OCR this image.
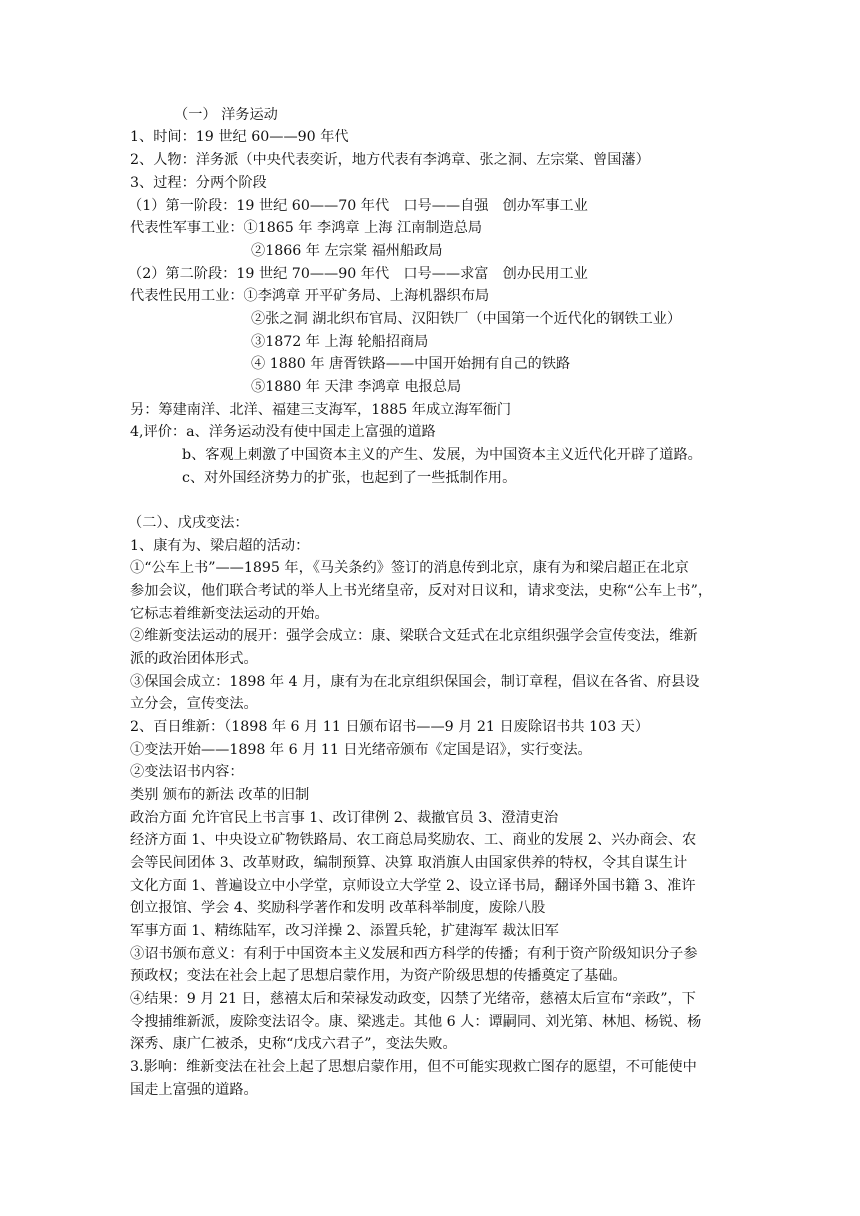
（一） 洋务运动
1、时间：19 世纪 60——90 年代
2、人物：洋务派（中央代表奕䜣，地方代表有李鸿章、张之洞、左宗棠、曾国藩）
3、过程：分两个阶段
（1）第一阶段：19 世纪 60——70 年代　口号——自强　创办军事工业
代表性军事工业：①1865 年 李鸿章 上海 江南制造总局
②1866 年 左宗棠 福州船政局
（2）第二阶段：19 世纪 70——90 年代　口号——求富　创办民用工业
代表性民用工业：①李鸿章 开平矿务局、上海机器织布局
②张之洞 湖北织布官局、汉阳铁厂（中国第一个近代化的钢铁工业）
③1872 年 上海 轮船招商局
④ 1880 年 唐胥铁路——中国开始拥有自己的铁路
⑤1880 年 天津 李鸿章 电报总局
另：筹建南洋、北洋、福建三支海军，1885 年成立海军衙门
4,评价：a、洋务运动没有使中国走上富强的道路
b、客观上刺激了中国资本主义的产生、发展，为中国资本主义近代化开辟了道路。
c、对外国经济势力的扩张，也起到了一些抵制作用。
（二）、戊戌变法：
1、康有为、梁启超的活动：
①“公车上书”——1895 年，《马关条约》签订的消息传到北京，康有为和梁启超正在北京
参加会议，他们联合考试的举人上书光绪皇帝，反对对日议和，请求变法，史称“公车上书”，
它标志着维新变法运动的开始。
②维新变法运动的展开：强学会成立：康、梁联合文廷式在北京组织强学会宣传变法，维新
派的政治团体形式。
③保国会成立：1898 年 4 月，康有为在北京组织保国会，制订章程，倡议在各省、府县设
立分会，宣传变法。
2、百日维新：（1898 年 6 月 11 日颁布诏书——9 月 21 日废除诏书共 103 天）
①变法开始——1898 年 6 月 11 日光绪帝颁布《定国是诏》，实行变法。
②变法诏书内容：
类别 颁布的新法 改革的旧制
政治方面 允许官民上书言事 1、改订律例 2、裁撤官员 3、澄清吏治
经济方面 1、中央设立矿物铁路局、农工商总局奖励农、工、商业的发展 2、兴办商会、农
会等民间团体 3、改革财政，编制预算、决算 取消旗人由国家供养的特权，令其自谋生计
文化方面 1、普遍设立中小学堂，京师设立大学堂 2、设立译书局，翻译外国书籍 3、准许
创立报馆、学会 4、奖励科学著作和发明 改革科举制度，废除八股
军事方面 1、精练陆军，改习洋操 2、添置兵轮，扩建海军 裁汰旧军
③诏书颁布意义：有利于中国资本主义发展和西方科学的传播；有利于资产阶级知识分子参
预政权；变法在社会上起了思想启蒙作用，为资产阶级思想的传播奠定了基础。
④结果：9 月 21 日，慈禧太后和荣禄发动政变，囚禁了光绪帝，慈禧太后宣布“亲政”，下
令搜捕维新派，废除变法诏令。康、梁逃走。其他 6 人：谭嗣同、刘光第、林旭、杨锐、杨
深秀、康广仁被杀，史称“戊戌六君子”，变法失败。
3.影响：维新变法在社会上起了思想启蒙作用，但不可能实现救亡图存的愿望，不可能使中
国走上富强的道路。
